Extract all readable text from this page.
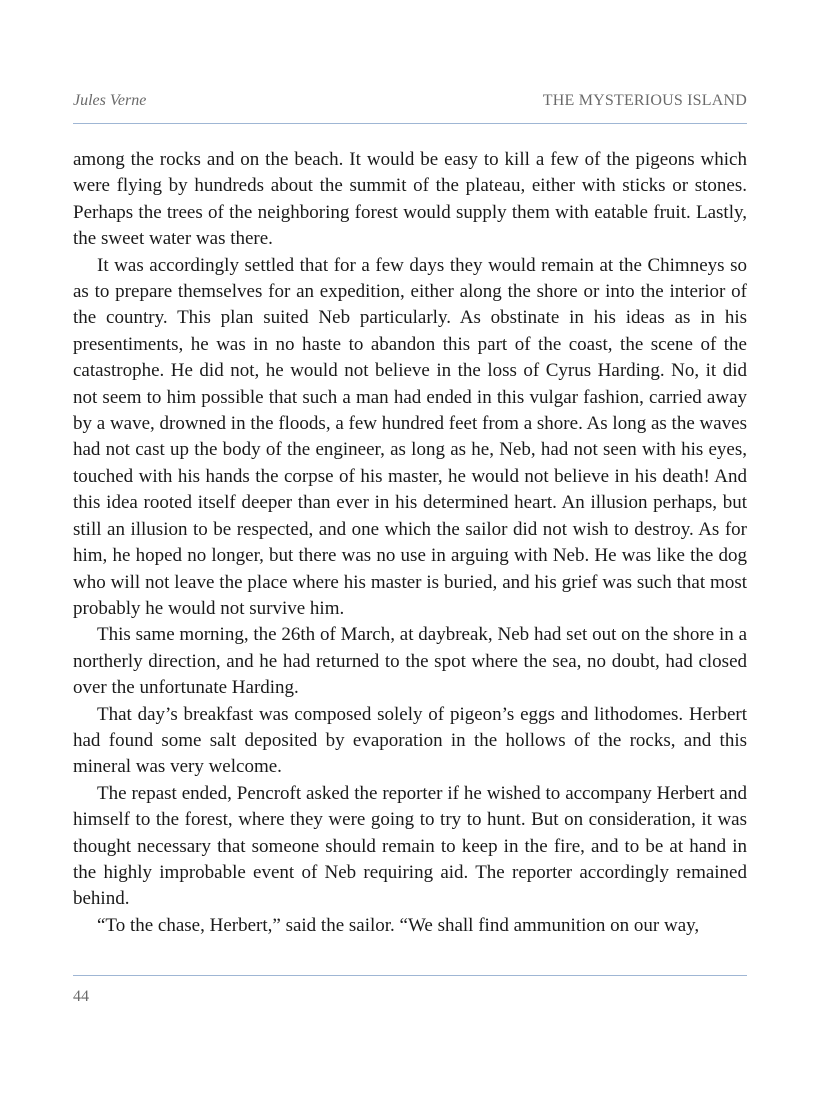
Jules Verne	THE MYSTERIOUS ISLAND

among the rocks and on the beach. It would be easy to kill a few of the pigeons which were flying by hundreds about the summit of the plateau, either with sticks or stones. Perhaps the trees of the neighboring forest would supply them with eatable fruit. Lastly, the sweet water was there.

It was accordingly settled that for a few days they would remain at the Chimneys so as to prepare themselves for an expedition, either along the shore or into the interior of the country. This plan suited Neb particularly. As obstinate in his ideas as in his presentiments, he was in no haste to abandon this part of the coast, the scene of the catastrophe. He did not, he would not believe in the loss of Cyrus Harding. No, it did not seem to him possible that such a man had ended in this vulgar fashion, carried away by a wave, drowned in the floods, a few hundred feet from a shore. As long as the waves had not cast up the body of the engineer, as long as he, Neb, had not seen with his eyes, touched with his hands the corpse of his master, he would not believe in his death! And this idea rooted itself deeper than ever in his determined heart. An illusion perhaps, but still an illusion to be respected, and one which the sailor did not wish to destroy. As for him, he hoped no longer, but there was no use in arguing with Neb. He was like the dog who will not leave the place where his master is buried, and his grief was such that most probably he would not survive him.

This same morning, the 26th of March, at daybreak, Neb had set out on the shore in a northerly direction, and he had returned to the spot where the sea, no doubt, had closed over the unfortunate Harding.

That day’s breakfast was composed solely of pigeon’s eggs and lithodomes. Herbert had found some salt deposited by evaporation in the hollows of the rocks, and this mineral was very welcome.

The repast ended, Pencroft asked the reporter if he wished to accompany Herbert and himself to the forest, where they were going to try to hunt. But on consideration, it was thought necessary that someone should remain to keep in the fire, and to be at hand in the highly improbable event of Neb requiring aid. The reporter accordingly remained behind.

“To the chase, Herbert,” said the sailor. “We shall find ammunition on our way,

44
